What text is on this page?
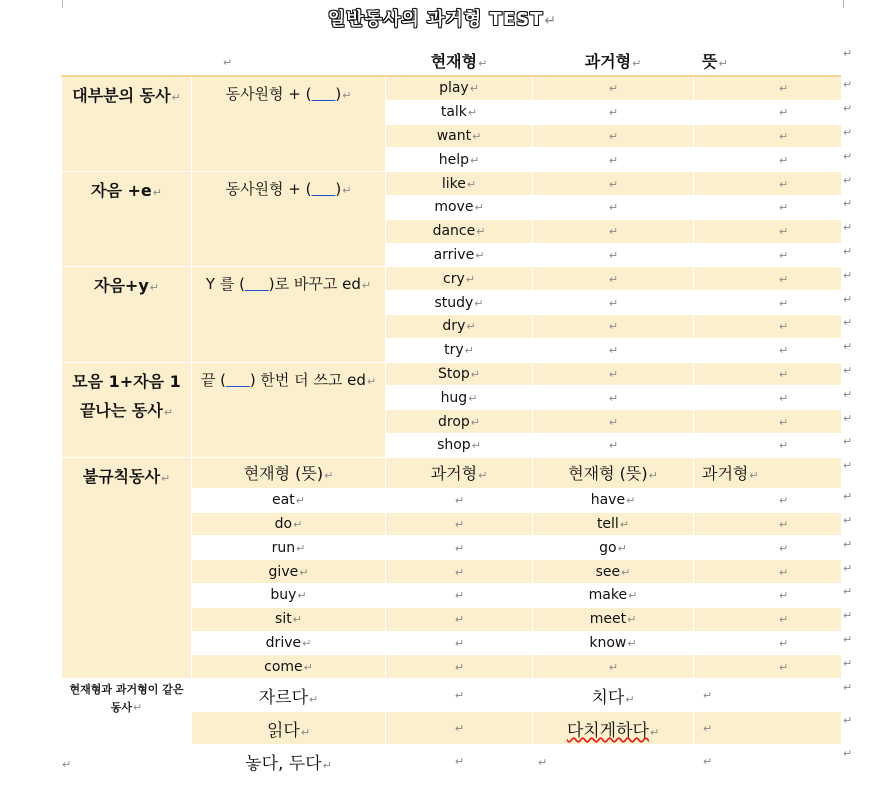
일반동사의 과거형 TEST↵
	↵	현재형↵	과거형↵	뜻↵
대부분의 동사↵	동사원형 + ( )↵	play↵	↵	↵
		talk↵	↵	↵
		want↵	↵	↵
		help↵	↵	↵
자음 +e↵	동사원형 + ( )↵	like↵	↵	↵
		move↵	↵	↵
		dance↵	↵	↵
		arrive↵	↵	↵
자음+y↵	Y 를 ( )로 바꾸고 ed↵	cry↵	↵	↵
		study↵	↵	↵
		dry↵	↵	↵
		try↵	↵	↵
모음 1+자음 1 끝나는 동사↵	끝 ( ) 한번 더 쓰고 ed↵	Stop↵	↵	↵
		hug↵	↵	↵
		drop↵	↵	↵
		shop↵	↵	↵
불규칙동사↵	현재형 (뜻)↵	과거형↵	현재형 (뜻)↵	과거형↵
	eat↵	↵	have↵	↵
	do↵	↵	tell↵	↵
	run↵	↵	go↵	↵
	give↵	↵	see↵	↵
	buy↵	↵	make↵	↵
	sit↵	↵	meet↵	↵
	drive↵	↵	know↵	↵
	come↵	↵	↵	↵
현재형과 과거형이 같은 동사↵	자르다↵	↵	치다↵	↵
	읽다↵	↵	다치게하다↵	↵
	놓다, 두다↵	↵	↵	↵
↵
↵
↵
↵
↵
↵
↵
↵
↵
↵
↵
↵
↵
↵
↵
↵
↵
↵
↵
↵
↵
↵
↵
↵
↵
↵
↵
↵
↵
↵
